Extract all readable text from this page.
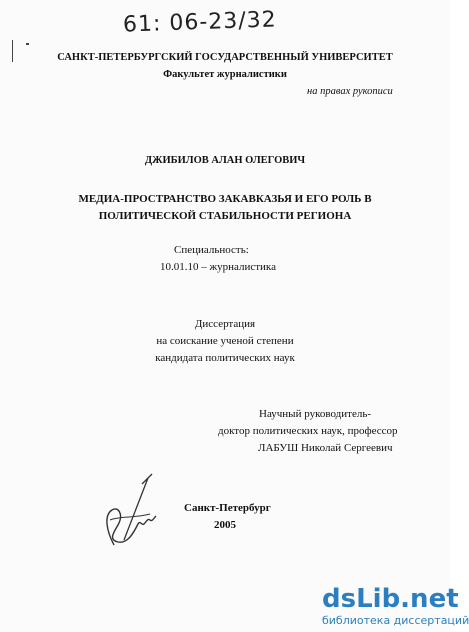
61: 06-23/32
САНКТ-ПЕТЕРБУРГСКИЙ ГОСУДАРСТВЕННЫЙ УНИВЕРСИТЕТ
Факультет журналистики
на правах рукописи
ДЖИБИЛОВ АЛАН ОЛЕГОВИЧ
МЕДИА-ПРОСТРАНСТВО ЗАКАВКАЗЬЯ И ЕГО РОЛЬ В
ПОЛИТИЧЕСКОЙ СТАБИЛЬНОСТИ РЕГИОНА
Специальность:
10.01.10 – журналистика
Диссертация
на соискание ученой степени
кандидата политических наук
Научный руководитель-
доктор политических наук, профессор
ЛАБУШ Николай Сергеевич
Санкт-Петербург
2005
dsLib.net
библиотека диссертаций
